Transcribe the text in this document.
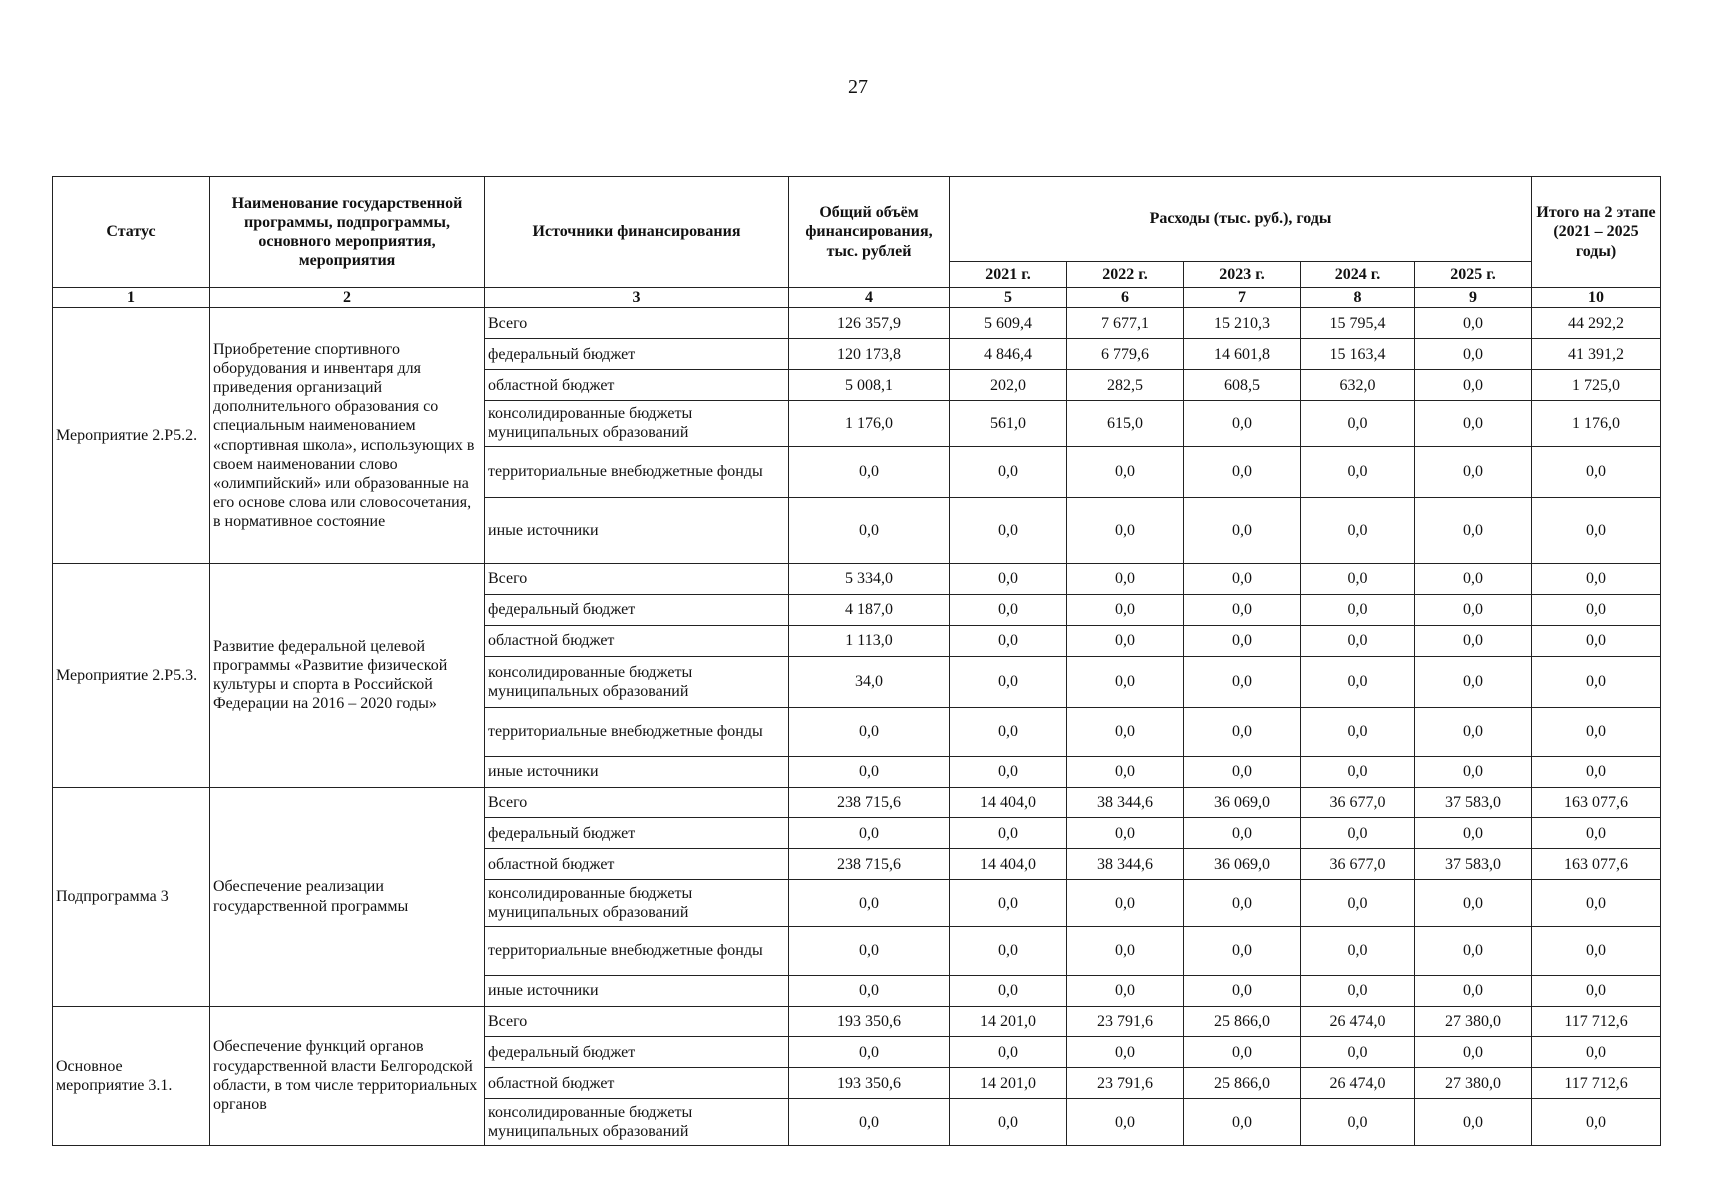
27
Статус	Наименование государственной программы, подпрограммы, основного мероприятия, мероприятия	Источники финансирования	Общий объём финансирования, тыс. рублей	Расходы (тыс. руб.), годы					Итого на 2 этапе (2021 – 2025 годы)
				2021 г.	2022 г.	2023 г.	2024 г.	2025 г.	
1	2	3	4	5	6	7	8	9	10
Мероприятие 2.Р5.2.	Приобретение спортивного оборудования и инвентаря для приведения организаций дополнительного образования со специальным наименованием «спортивная школа», использующих в своем наименовании слово «олимпийский» или образованные на его основе слова или словосочетания, в нормативное состояние	Всего	126 357,9	5 609,4	7 677,1	15 210,3	15 795,4	0,0	44 292,2
		федеральный бюджет	120 173,8	4 846,4	6 779,6	14 601,8	15 163,4	0,0	41 391,2
		областной бюджет	5 008,1	202,0	282,5	608,5	632,0	0,0	1 725,0
		консолидированные бюджеты муниципальных образований	1 176,0	561,0	615,0	0,0	0,0	0,0	1 176,0
		территориальные внебюджетные фонды	0,0	0,0	0,0	0,0	0,0	0,0	0,0
		иные источники	0,0	0,0	0,0	0,0	0,0	0,0	0,0
Мероприятие 2.Р5.3.	Развитие федеральной целевой программы «Развитие физической культуры и спорта в Российской Федерации на 2016 – 2020 годы»	Всего	5 334,0	0,0	0,0	0,0	0,0	0,0	0,0
		федеральный бюджет	4 187,0	0,0	0,0	0,0	0,0	0,0	0,0
		областной бюджет	1 113,0	0,0	0,0	0,0	0,0	0,0	0,0
		консолидированные бюджеты муниципальных образований	34,0	0,0	0,0	0,0	0,0	0,0	0,0
		территориальные внебюджетные фонды	0,0	0,0	0,0	0,0	0,0	0,0	0,0
		иные источники	0,0	0,0	0,0	0,0	0,0	0,0	0,0
Подпрограмма 3	Обеспечение реализации государственной программы	Всего	238 715,6	14 404,0	38 344,6	36 069,0	36 677,0	37 583,0	163 077,6
		федеральный бюджет	0,0	0,0	0,0	0,0	0,0	0,0	0,0
		областной бюджет	238 715,6	14 404,0	38 344,6	36 069,0	36 677,0	37 583,0	163 077,6
		консолидированные бюджеты муниципальных образований	0,0	0,0	0,0	0,0	0,0	0,0	0,0
		территориальные внебюджетные фонды	0,0	0,0	0,0	0,0	0,0	0,0	0,0
		иные источники	0,0	0,0	0,0	0,0	0,0	0,0	0,0
Основное мероприятие 3.1.	Обеспечение функций органов государственной власти Белгородской области, в том числе территориальных органов	Всего	193 350,6	14 201,0	23 791,6	25 866,0	26 474,0	27 380,0	117 712,6
		федеральный бюджет	0,0	0,0	0,0	0,0	0,0	0,0	0,0
		областной бюджет	193 350,6	14 201,0	23 791,6	25 866,0	26 474,0	27 380,0	117 712,6
		консолидированные бюджеты муниципальных образований	0,0	0,0	0,0	0,0	0,0	0,0	0,0
